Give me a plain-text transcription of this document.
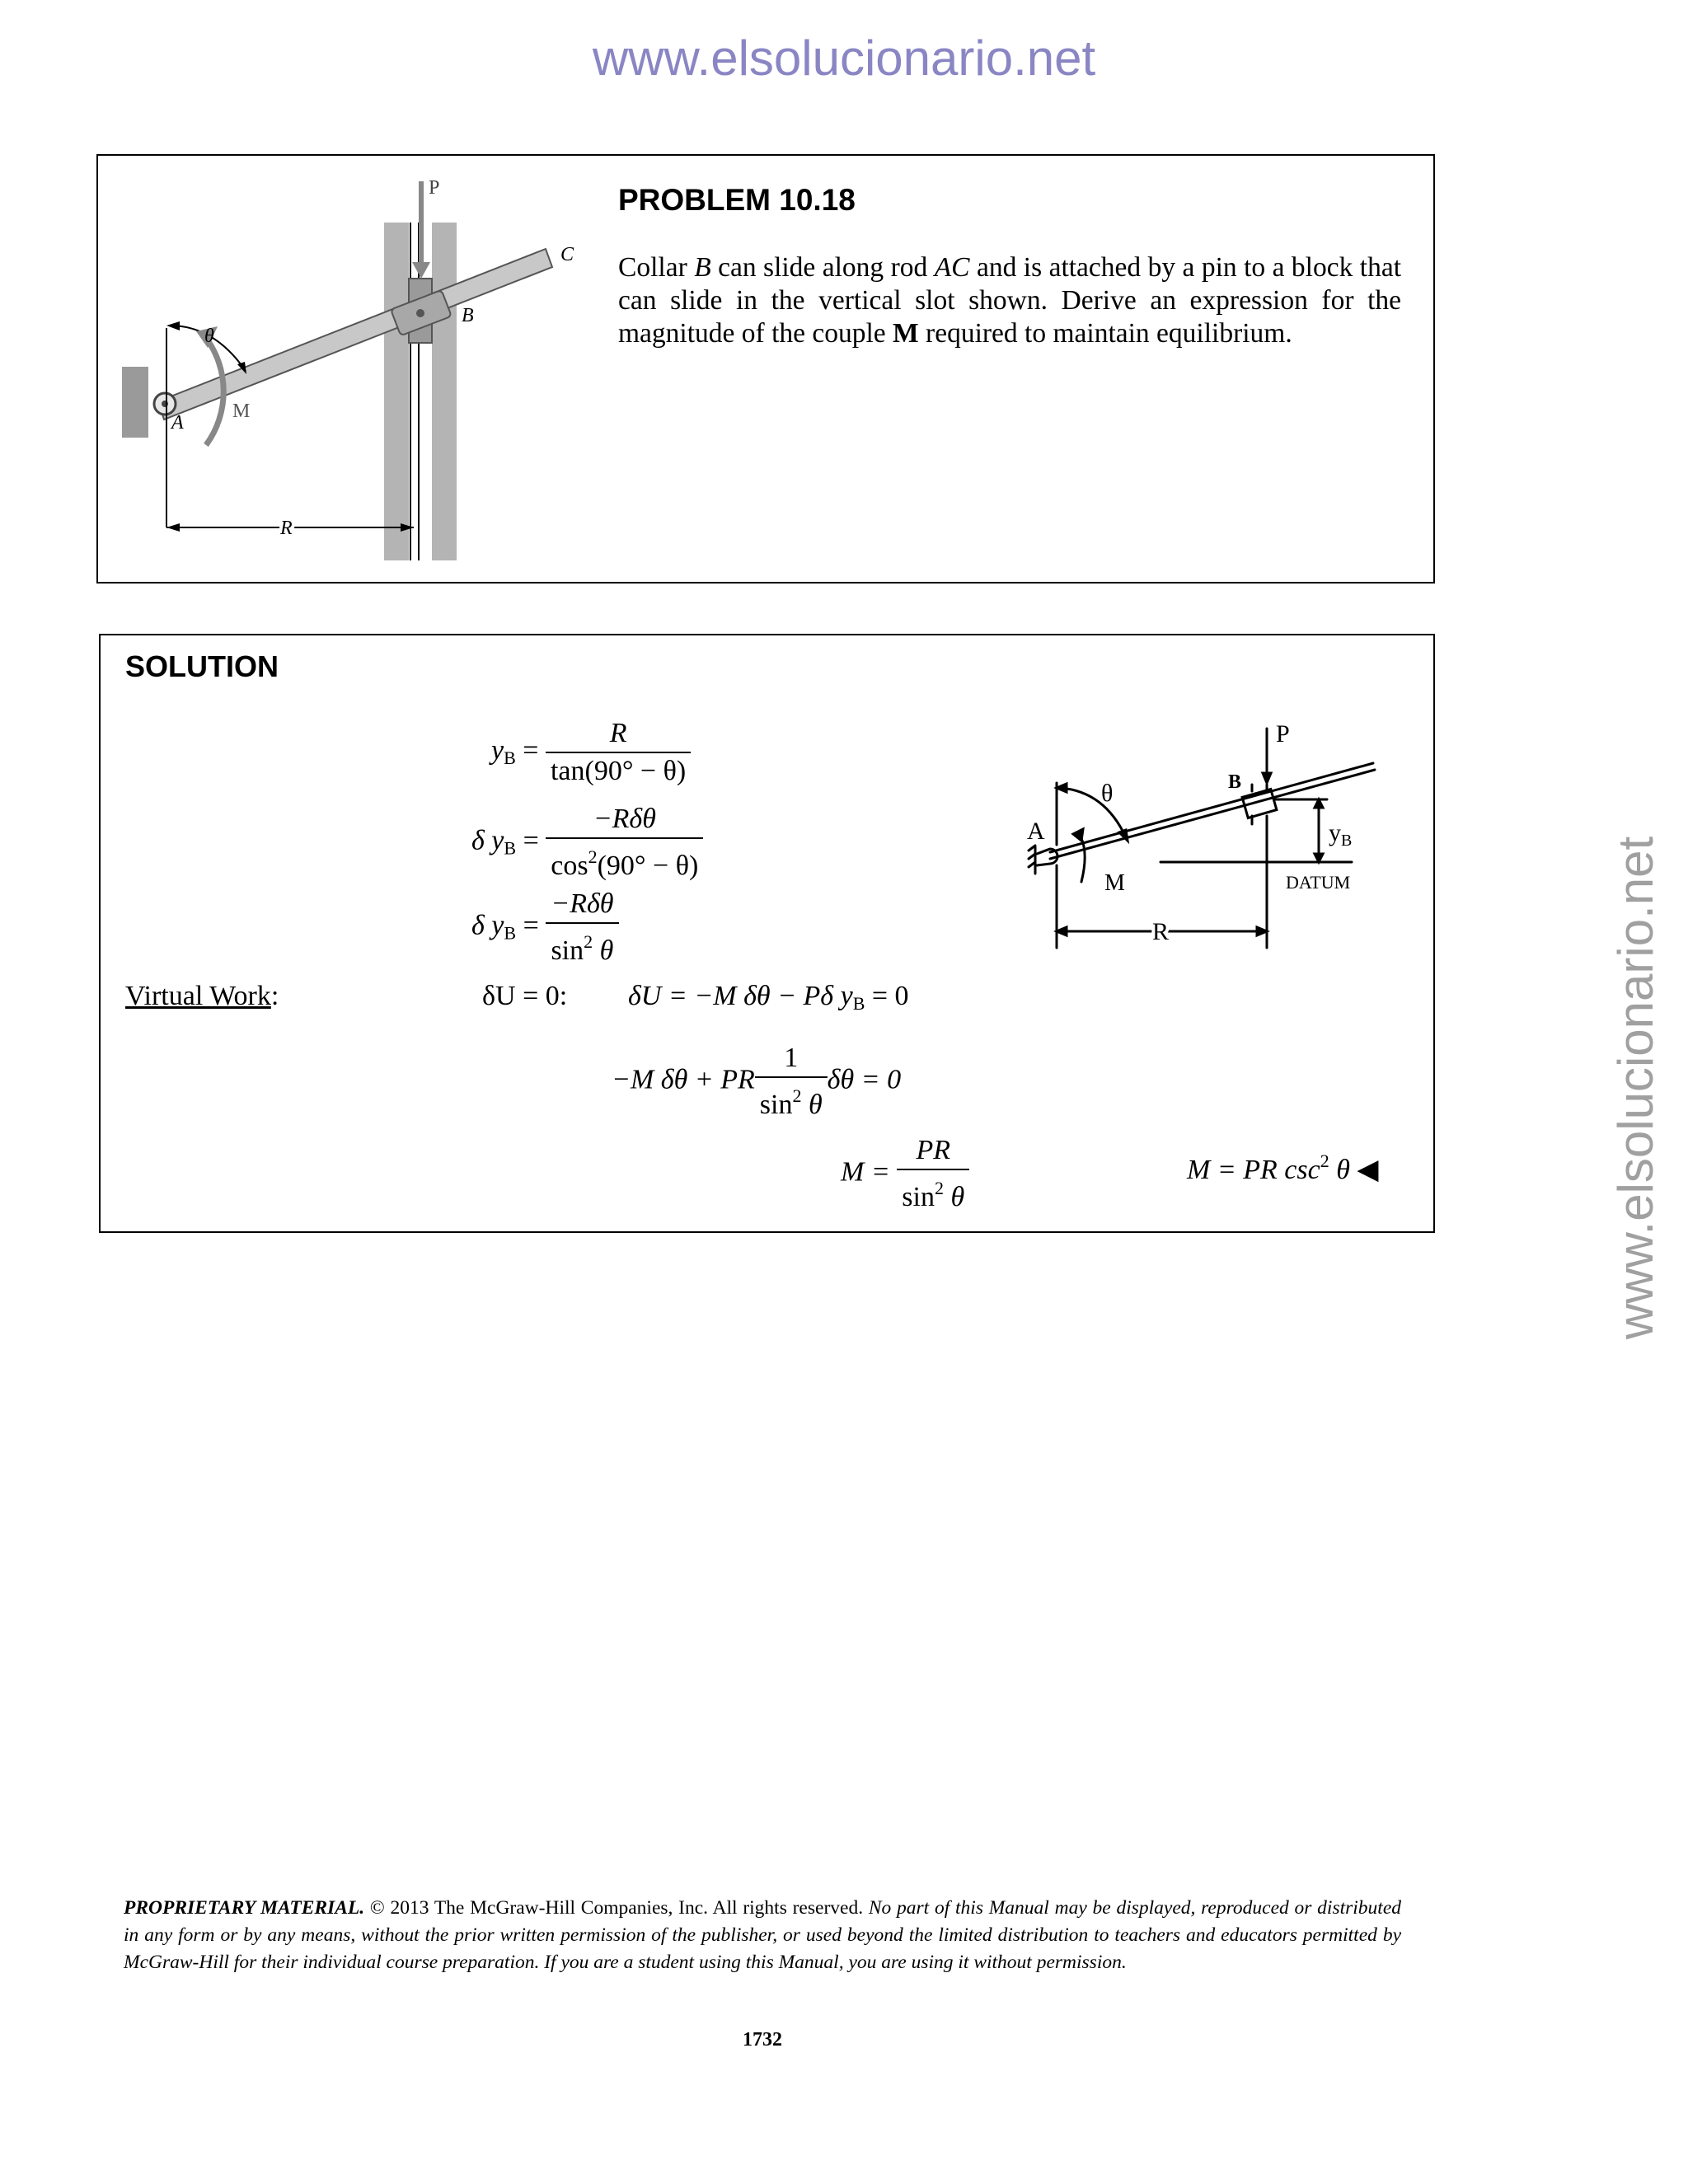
www.elsolucionario.net
www.elsolucionario.net
P
C
B
θ
A
M
R
PROBLEM 10.18
Collar B can slide along rod AC and is attached by a pin to a block that can slide in the vertical slot shown. Derive an expression for the magnitude of the couple M required to maintain equilibrium.
SOLUTION
$y_B = \frac{R}{\tan(90^\circ - \theta)}$
δ $y_B = \frac{\text{−Rδθ}}{\cos^2(90^\circ - \theta)}$
δ $y_B = \frac{\text{−Rδθ}}{\sin^2 \theta}$
Virtual Work:	δU = 0: δU = −M δθ − Pδ $y_B = 0$
−M δθ + PR $\frac{1}{\sin^2 \theta}$ δθ = 0
$M = \frac{PR}{\sin^2 \theta}$	M = PR $\csc^2 \theta$ ◀
P
B
θ
A
M
$y_B$
DATUM
R
PROPRIETARY MATERIAL. © 2013 The McGraw-Hill Companies, Inc. All rights reserved. No part of this Manual may be displayed, reproduced or distributed in any form or by any means, without the prior written permission of the publisher, or used beyond the limited distribution to teachers and educators permitted by McGraw-Hill for their individual course preparation. If you are a student using this Manual, you are using it without permission.
1732
